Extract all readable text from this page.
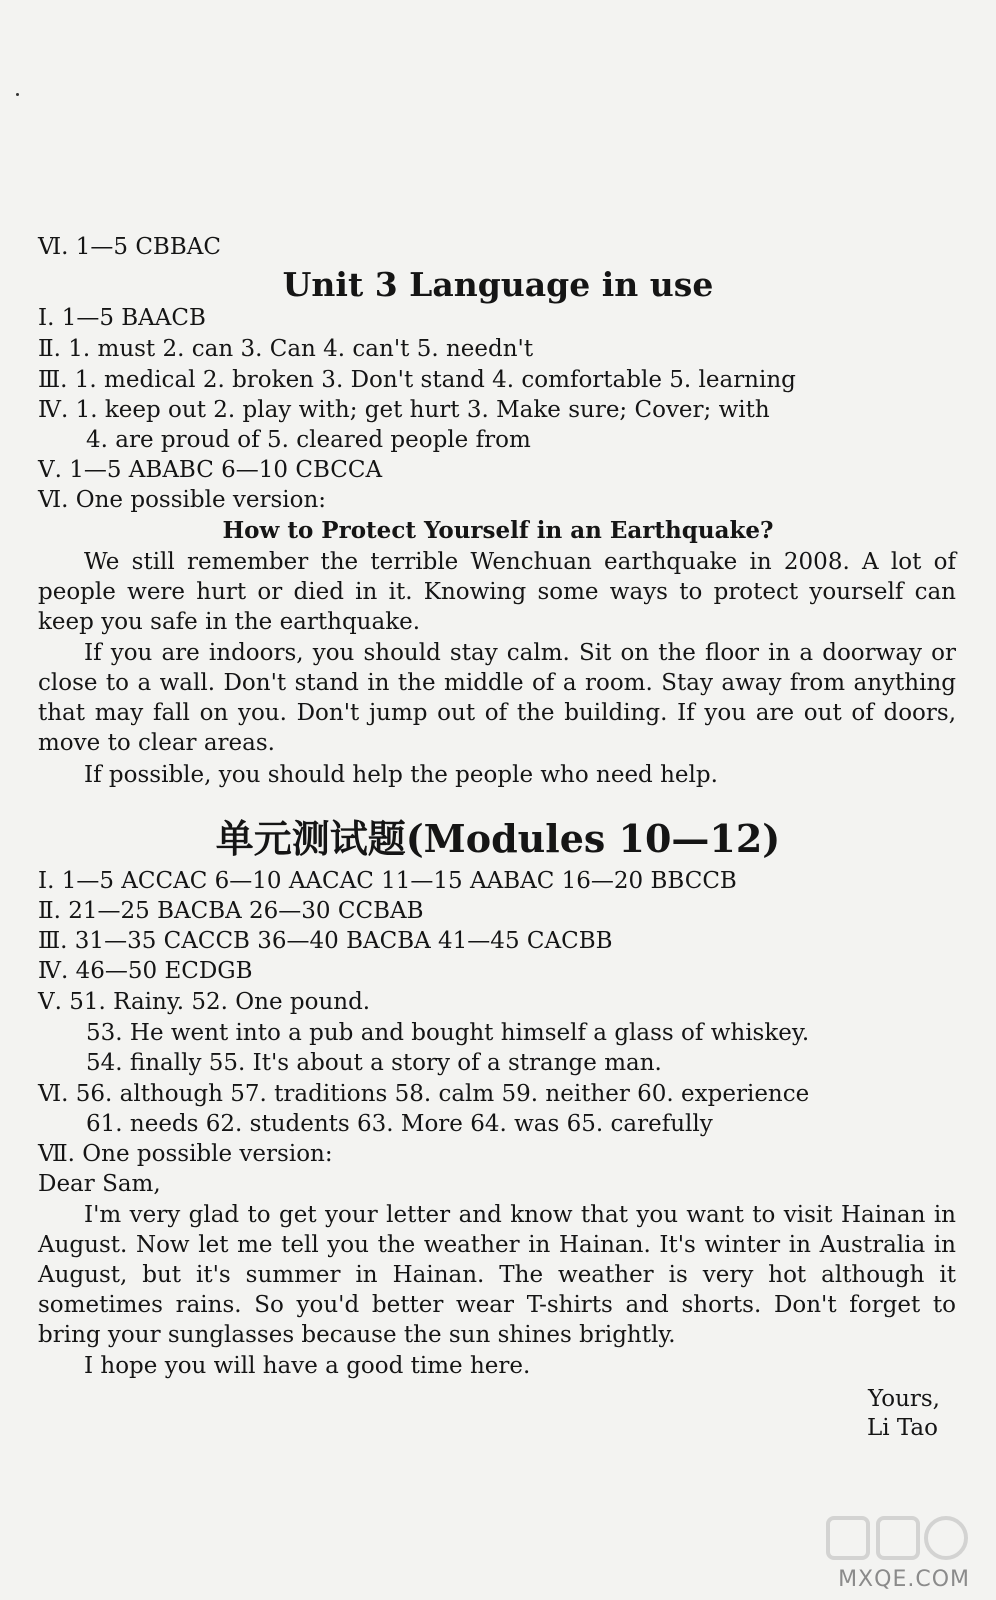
Ⅵ. 1—5 CBBAC
Unit 3 Language in use
Ⅰ. 1—5 BAACB
Ⅱ. 1. must 2. can 3. Can 4. can't 5. needn't
Ⅲ. 1. medical 2. broken 3. Don't stand 4. comfortable 5. learning
Ⅳ. 1. keep out 2. play with; get hurt 3. Make sure; Cover; with
4. are proud of 5. cleared people from
Ⅴ. 1—5 ABABC 6—10 CBCCA
Ⅵ. One possible version:
How to Protect Yourself in an Earthquake?
We still remember the terrible Wenchuan earthquake in 2008. A lot of people were hurt or died in it. Knowing some ways to protect yourself can keep you safe in the earthquake.
If you are indoors, you should stay calm. Sit on the floor in a doorway or close to a wall. Don't stand in the middle of a room. Stay away from anything that may fall on you. Don't jump out of the building. If you are out of doors, move to clear areas.
If possible, you should help the people who need help.
单元测试题(Modules 10—12)
Ⅰ. 1—5 ACCAC 6—10 AACAC 11—15 AABAC 16—20 BBCCB
Ⅱ. 21—25 BACBA 26—30 CCBAB
Ⅲ. 31—35 CACCB 36—40 BACBA 41—45 CACBB
Ⅳ. 46—50 ECDGB
Ⅴ. 51. Rainy. 52. One pound.
53. He went into a pub and bought himself a glass of whiskey.
54. finally 55. It's about a story of a strange man.
Ⅵ. 56. although 57. traditions 58. calm 59. neither 60. experience
61. needs 62. students 63. More 64. was 65. carefully
Ⅶ. One possible version:
Dear Sam,
I'm very glad to get your letter and know that you want to visit Hainan in August. Now let me tell you the weather in Hainan. It's winter in Australia in August, but it's summer in Hainan. The weather is very hot although it sometimes rains. So you'd better wear T-shirts and shorts. Don't forget to bring your sunglasses because the sun shines brightly.
I hope you will have a good time here.
Yours,
Li Tao
MXQE.COM
